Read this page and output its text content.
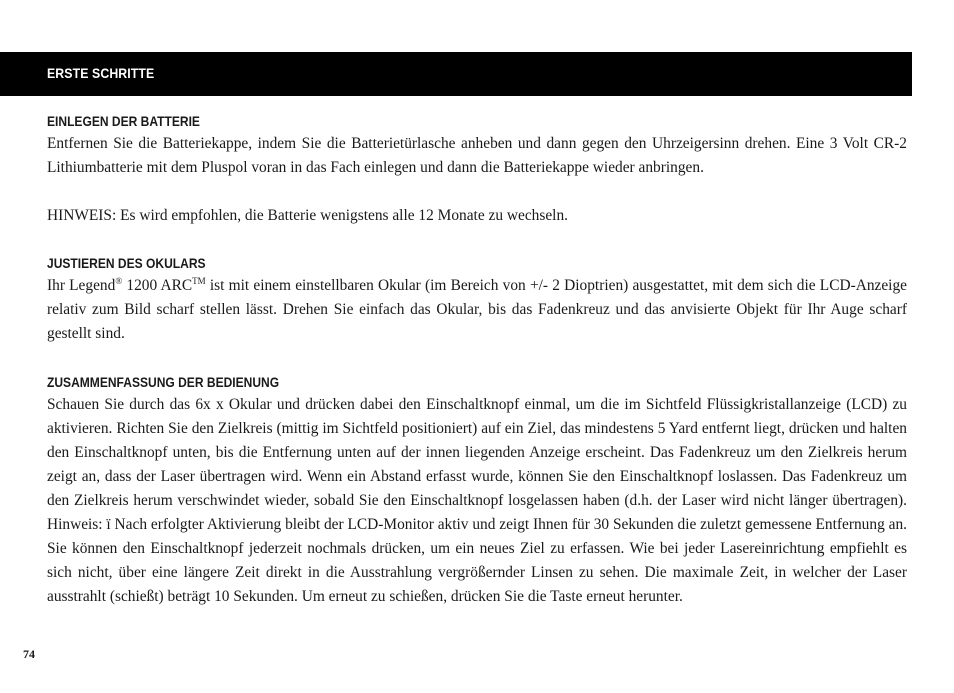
ERSTE SCHRITTE
EINLEGEN DER BATTERIE

Entfernen Sie die Batteriekappe, indem Sie die Batterietürlasche anheben und dann gegen den Uhrzeigersinn drehen. Eine 3 Volt CR-2 Lithiumbatterie mit dem Pluspol voran in das Fach einlegen und dann die Batteriekappe wieder anbringen.

HINWEIS: Es wird empfohlen, die Batterie wenigstens alle 12 Monate zu wechseln.

JUSTIEREN DES OKULARS

Ihr Legend® 1200 ARC™ ist mit einem einstellbaren Okular (im Bereich von +/- 2 Dioptrien) ausgestattet, mit dem sich die LCD-Anzeige relativ zum Bild scharf stellen lässt. Drehen Sie einfach das Okular, bis das Fadenkreuz und das anvisierte Objekt für Ihr Auge scharf gestellt sind.

ZUSAMMENFASSUNG DER BEDIENUNG

Schauen Sie durch das 6x x Okular und drücken dabei den Einschaltknopf einmal, um die im Sichtfeld Flüssigkristallanzeige (LCD) zu aktivieren. Richten Sie den Zielkreis (mittig im Sichtfeld positioniert) auf ein Ziel, das mindestens 5 Yard entfernt liegt, drücken und halten den Einschaltknopf unten, bis die Entfernung unten auf der innen liegenden Anzeige erscheint. Das Fadenkreuz um den Zielkreis herum zeigt an, dass der Laser übertragen wird. Wenn ein Abstand erfasst wurde, können Sie den Einschaltknopf loslassen. Das Fadenkreuz um den Zielkreis herum verschwindet wieder, sobald Sie den Einschaltknopf losgelassen haben (d.h. der Laser wird nicht länger übertragen). Hinweis: ï Nach erfolgter Aktivierung bleibt der LCD-Monitor aktiv und zeigt Ihnen für 30 Sekunden die zuletzt gemessene Entfernung an. Sie können den Einschaltknopf jederzeit nochmals drücken, um ein neues Ziel zu erfassen. Wie bei jeder Lasereinrichtung empfiehlt es sich nicht, über eine längere Zeit direkt in die Ausstrahlung vergrößernder Linsen zu sehen. Die maximale Zeit, in welcher der Laser ausstrahlt (schießt) beträgt 10 Sekunden. Um erneut zu schießen, drücken Sie die Taste erneut herunter.

74
